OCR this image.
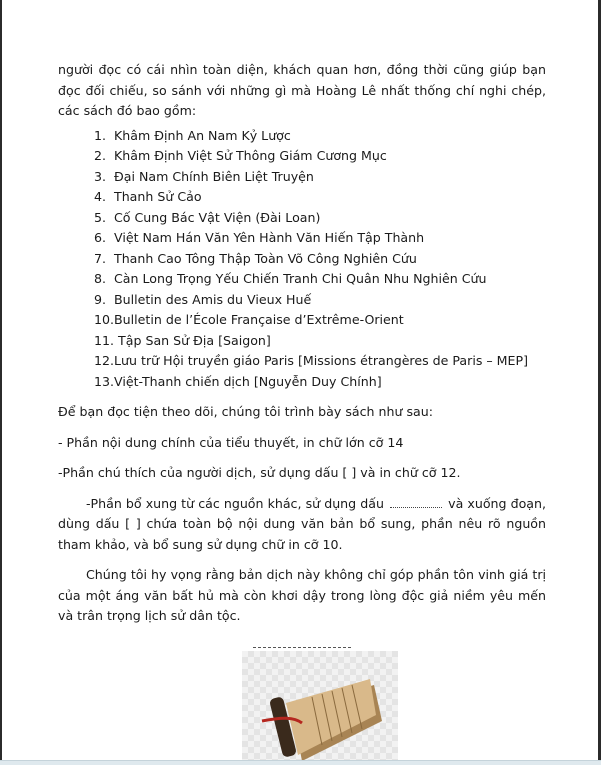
người đọc có cái nhìn toàn diện, khách quan hơn, đồng thời cũng giúp bạn đọc đối chiếu, so sánh với những gì mà Hoàng Lê nhất thống chí nghi chép, các sách đó bao gồm:

1. Khâm Định An Nam Kỷ Lược
2. Khâm Định Việt Sử Thông Giám Cương Mục
3. Đại Nam Chính Biên Liệt Truyện
4. Thanh Sử Cảo
5. Cố Cung Bác Vật Viện (Đài Loan)
6. Việt Nam Hán Văn Yên Hành Văn Hiến Tập Thành
7. Thanh Cao Tông Thập Toàn Võ Công Nghiên Cứu
8. Càn Long Trọng Yếu Chiến Tranh Chi Quân Nhu Nghiên Cứu
9. Bulletin des Amis du Vieux Huế
10.Bulletin de l’École Française d’Extrême-Orient
11. Tập San Sử Địa [Saigon]
12.Lưu trữ Hội truyền giáo Paris [Missions étrangères de Paris – MEP]
13.Việt-Thanh chiến dịch [Nguyễn Duy Chính]

Để bạn đọc tiện theo dõi, chúng tôi trình bày sách như sau:

- Phần nội dung chính của tiểu thuyết, in chữ lớn cỡ 14

-Phần chú thích của người dịch, sử dụng dấu [ ] và in chữ cỡ 12.

-Phần bổ xung từ các nguồn khác, sử dụng dấu	và xuống đoạn, dùng dấu [ ] chứa toàn bộ nội dung văn bản bổ sung, phần nêu rõ nguồn tham khảo, và bổ sung sử dụng chữ in cỡ 10.

Chúng tôi hy vọng rằng bản dịch này không chỉ góp phần tôn vinh giá trị của một áng văn bất hủ mà còn khơi dậy trong lòng độc giả niềm yêu mến và trân trọng lịch sử dân tộc.
